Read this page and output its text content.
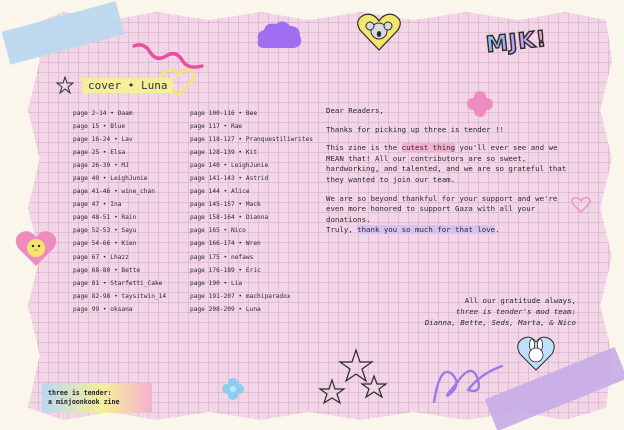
MJK!
cover • Luna
page 2-14 • Daam
page 15 • Blue
page 16-24 • Lav
page 25 • Elsa
page 26-39 • MJ
page 40 • LeighJunie
page 41-46 • wine_chan
page 47 • Ina
page 48-51 • Rain
page 52-53 • Sayu
page 54-66 • Kien
page 67 • Lhazz
page 68-80 • Bette
page 81 • Starfetti_Cake
page 82-98 • taysitwin_14
page 99 • oksana
page 100-116 • Bee
page 117 • Rae
page 118-127 • Pranquestiliwrites
page 128-139 • Kit
page 140 • LeighJunie
page 141-143 • Astrid
page 144 • Alice
page 145-157 • Mack
page 158-164 • Dianna
page 165 • Nico
page 166-174 • Wren
page 175 • nefaws
page 176-189 • Eric
page 190 • Lia
page 191-207 • machiparadox
page 208-209 • Luna

Dear Readers,

Thanks for picking up three is tender !!

This zine is the cutest thing you'll ever see and we MEAN that! All our contributors are so sweet, hardworking, and talented, and we are so grateful that they wanted to join our team.

We are so beyond thankful for your support and we're even more honored to support Gaza with all your donations.
Truly, thank you so much for that love.

All our gratitude always,
three is tender's mod team:
Dianna, Bette, Seds, Marta, & Nico
three is tender:
a minjoonkook zine
